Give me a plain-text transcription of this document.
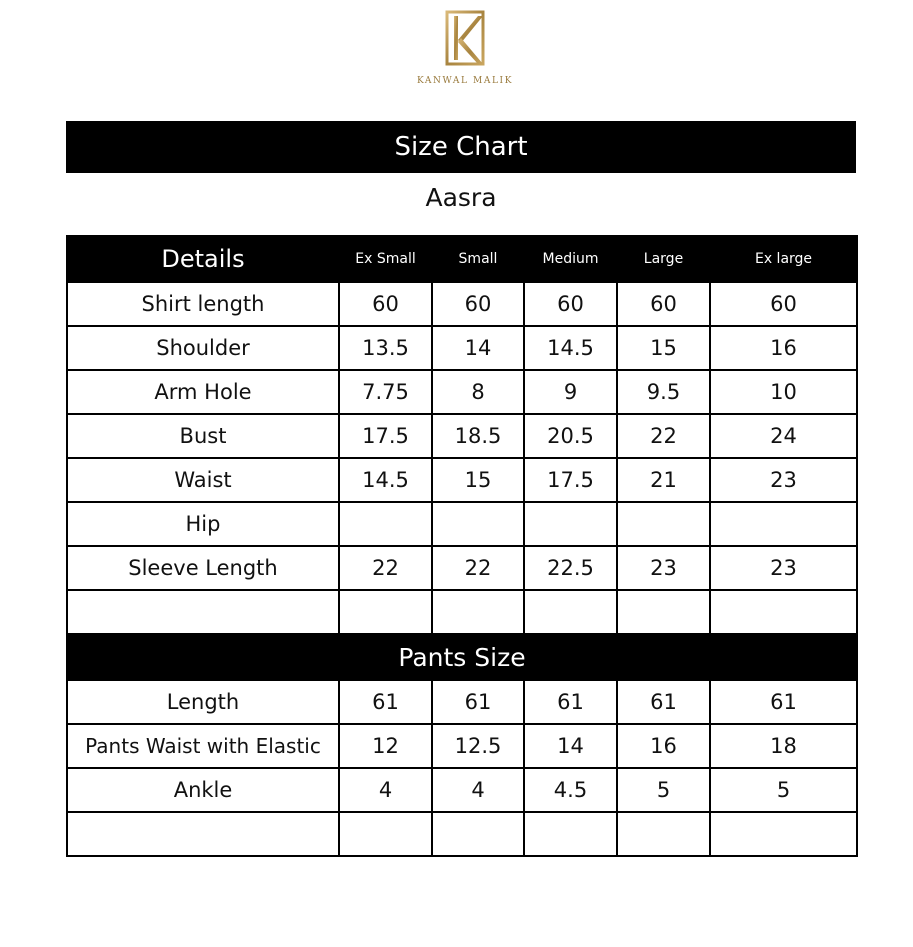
KANWAL MALIK
Size Chart
Aasra
Details	Ex Small	Small	Medium	Large	Ex large
Shirt length	60	60	60	60	60
Shoulder	13.5	14	14.5	15	16
Arm Hole	7.75	8	9	9.5	10
Bust	17.5	18.5	20.5	22	24
Waist	14.5	15	17.5	21	23
Hip					
Sleeve Length	22	22	22.5	23	23

Pants Size					
Length	61	61	61	61	61
Pants Waist with Elastic	12	12.5	14	16	18
Ankle	4	4	4.5	5	5
